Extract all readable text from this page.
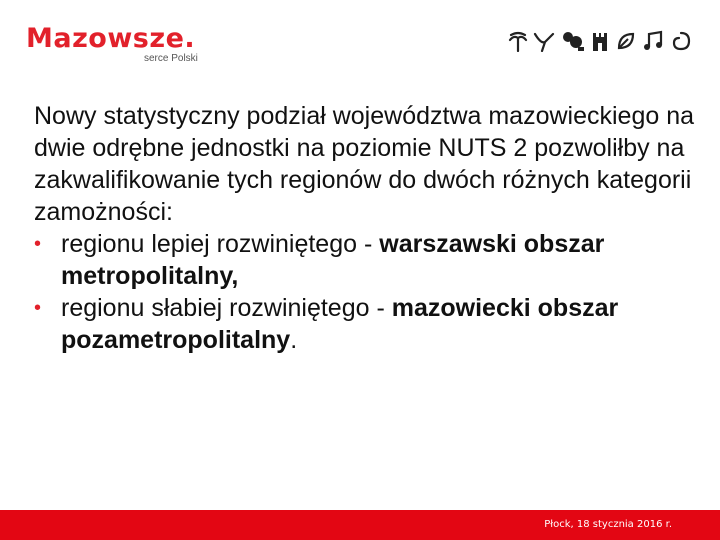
Mazowsze.
serce Polski

Nowy statystyczny podział województwa mazowieckiego na dwie odrębne jednostki na poziomie NUTS 2 pozwoliłby na zakwalifikowanie tych regionów do dwóch różnych kategorii zamożności:

• regionu lepiej rozwiniętego - warszawski obszar metropolitalny,
• regionu słabiej rozwiniętego - mazowiecki obszar pozametropolitalny.
Płock, 18 stycznia 2016 r.
